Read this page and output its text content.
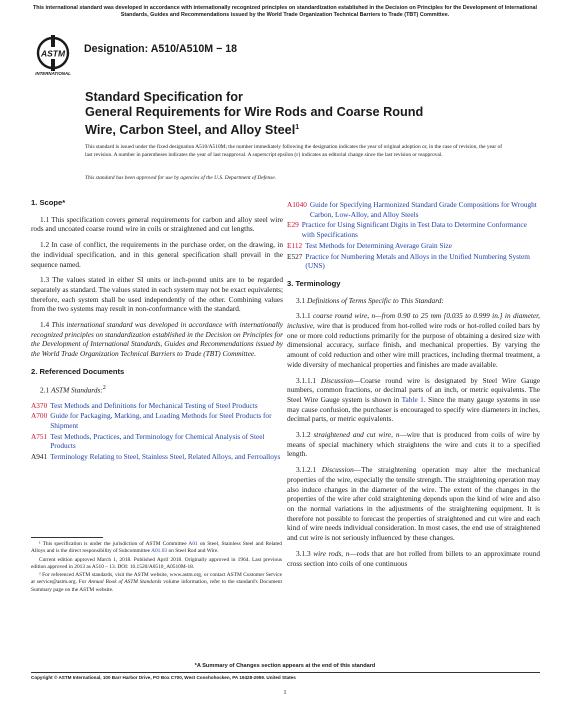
This international standard was developed in accordance with internationally recognized principles on standardization established in the Decision on Principles for the Development of International Standards, Guides and Recommendations issued by the World Trade Organization Technical Barriers to Trade (TBT) Committee.
ASTM
INTERNATIONAL
Designation: A510/A510M − 18
Standard Specification for
General Requirements for Wire Rods and Coarse Round
Wire, Carbon Steel, and Alloy Steel$^1$
This standard is issued under the fixed designation A510/A510M; the number immediately following the designation indicates the year of original adoption or, in the case of revision, the year of last revision. A number in parentheses indicates the year of last reapproval. A superscript epsilon (ε) indicates an editorial change since the last revision or reapproval.
This standard has been approved for use by agencies of the U.S. Department of Defense.
1. Scope*

1.1 This specification covers general requirements for carbon and alloy steel wire rods and uncoated coarse round wire in coils or straightened and cut lengths.

1.2 In case of conflict, the requirements in the purchase order, on the drawing, in the individual specification, and in this general specification shall prevail in the sequence named.

1.3 The values stated in either SI units or inch-pound units are to be regarded separately as standard. The values stated in each system may not be exact equivalents; therefore, each system shall be used independently of the other. Combining values from the two systems may result in non-conformance with the standard.

1.4 This international standard was developed in accordance with internationally recognized principles on standardization established in the Decision on Principles for the Development of International Standards, Guides and Recommendations issued by the World Trade Organization Technical Barriers to Trade (TBT) Committee.

2. Referenced Documents

2.1 ASTM Standards:$^2$

A370 Test Methods and Definitions for Mechanical Testing of Steel Products
A700 Guide for Packaging, Marking, and Loading Methods for Steel Products for Shipment
A751 Test Methods, Practices, and Terminology for Chemical Analysis of Steel Products
A941 Terminology Relating to Steel, Stainless Steel, Related Alloys, and Ferroalloys
A1040 Guide for Specifying Harmonized Standard Grade Compositions for Wrought Carbon, Low-Alloy, and Alloy Steels
E29 Practice for Using Significant Digits in Test Data to Determine Conformance with Specifications
E112 Test Methods for Determining Average Grain Size
E527 Practice for Numbering Metals and Alloys in the Unified Numbering System (UNS)
3. Terminology

3.1 Definitions of Terms Specific to This Standard:

3.1.1 coarse round wire, n—from 0.90 to 25 mm [0.035 to 0.999 in.] in diameter, inclusive, wire that is produced from hot-rolled wire rods or hot-rolled coiled bars by one or more cold reductions primarily for the purpose of obtaining a desired size with dimensional accuracy, surface finish, and mechanical properties. By varying the amount of cold reduction and other wire mill practices, including thermal treatment, a wide diversity of mechanical properties and finishes are made available.

3.1.1.1 Discussion—Coarse round wire is designated by Steel Wire Gauge numbers, common fractions, or decimal parts of an inch, or metric equivalents. The Steel Wire Gauge system is shown in Table 1. Since the many gauge systems in use may cause confusion, the purchaser is encouraged to specify wire diameters in inches, decimal parts, or metric equivalents.

3.1.2 straightened and cut wire, n—wire that is produced from coils of wire by means of special machinery which straightens the wire and cuts it to a specified length.

3.1.2.1 Discussion—The straightening operation may alter the mechanical properties of the wire, especially the tensile strength. The straightening operation may also induce changes in the diameter of the wire. The extent of the changes in the properties of the wire after cold straightening depends upon the kind of wire and also on the normal variations in the adjustments of the straightening equipment. It is therefore not possible to forecast the properties of straightened and cut wire and each kind of wire needs individual consideration. In most cases, the end use of straightened and cut wire is not seriously influenced by these changes.

3.1.3 wire rods, n—rods that are hot rolled from billets to an approximate round cross section into coils of one continuous

¹ This specification is under the jurisdiction of ASTM Committee A01 on Steel, Stainless Steel and Related Alloys and is the direct responsibility of Subcommittee A01.03 on Steel Rod and Wire.

Current edition approved March 1, 2018. Published April 2018. Originally approved in 1964. Last previous edition approved in 2013 as A510 – 13. DOI: 10.1520/A0510_A0510M-18.

² For referenced ASTM standards, visit the ASTM website, www.astm.org, or contact ASTM Customer Service at service@astm.org. For Annual Book of ASTM Standards volume information, refer to the standard's Document Summary page on the ASTM website.

*A Summary of Changes section appears at the end of this standard
Copyright © ASTM International, 100 Barr Harbor Drive, PO Box C700, West Conshohocken, PA 19428-2959. United States
1
